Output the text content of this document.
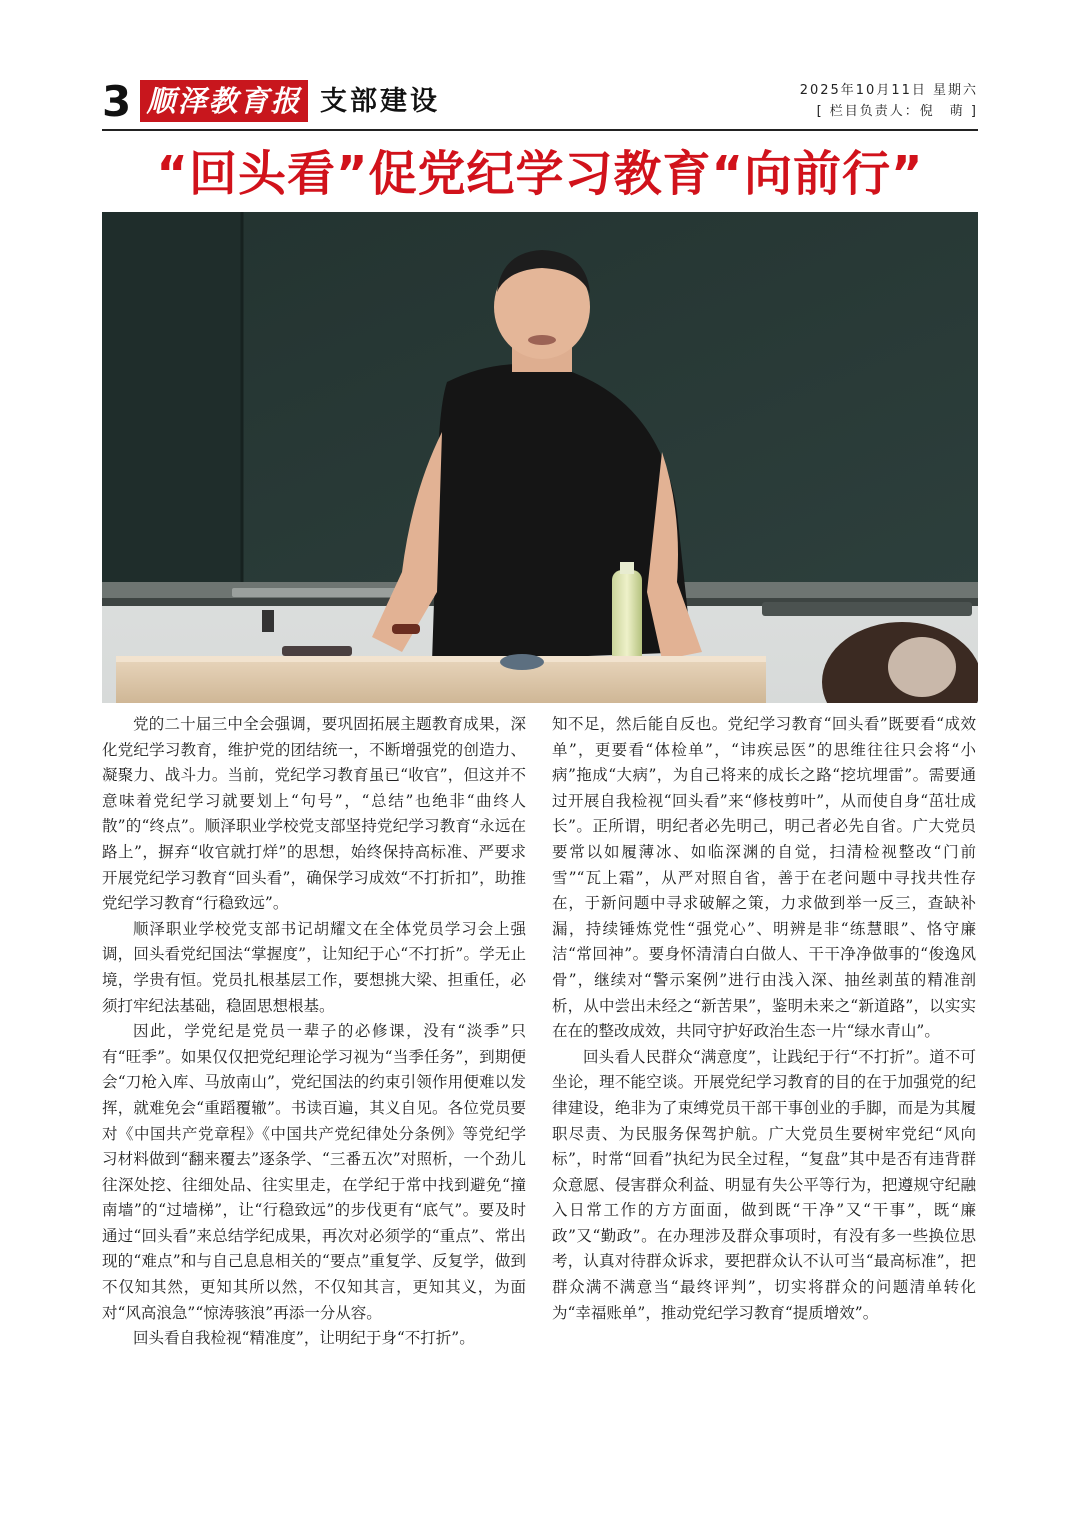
3 顺泽教育报 支部建设	2025年10月11日 星期六
[ 栏目负责人：倪　萌 ]
“回头看”促党纪学习教育“向前行”

党的二十届三中全会强调，要巩固拓展主题教育成果，深化党纪学习教育，维护党的团结统一，不断增强党的创造力、凝聚力、战斗力。当前，党纪学习教育虽已“收官”，但这并不意味着党纪学习就要划上“句号”，“总结”也绝非“曲终人散”的“终点”。顺泽职业学校党支部坚持党纪学习教育“永远在路上”，摒弃“收官就打烊”的思想，始终保持高标准、严要求开展党纪学习教育“回头看”，确保学习成效“不打折扣”，助推党纪学习教育“行稳致远”。

顺泽职业学校党支部书记胡耀文在全体党员学习会上强调，回头看党纪国法“掌握度”，让知纪于心“不打折”。学无止境，学贵有恒。党员扎根基层工作，要想挑大梁、担重任，必须打牢纪法基础，稳固思想根基。

因此，学党纪是党员一辈子的必修课，没有“淡季”只有“旺季”。如果仅仅把党纪理论学习视为“当季任务”，到期便会“刀枪入库、马放南山”，党纪国法的约束引领作用便难以发挥，就难免会“重蹈覆辙”。书读百遍，其义自见。各位党员要对《中国共产党章程》《中国共产党纪律处分条例》等党纪学习材料做到“翻来覆去”逐条学、“三番五次”对照析，一个劲儿往深处挖、往细处品、往实里走，在学纪于常中找到避免“撞南墙”的“过墙梯”，让“行稳致远”的步伐更有“底气”。要及时通过“回头看”来总结学纪成果，再次对必须学的“重点”、常出现的“难点”和与自己息息相关的“要点”重复学、反复学，做到不仅知其然，更知其所以然，不仅知其言，更知其义，为面对“风高浪急”“惊涛骇浪”再添一分从容。

回头看自我检视“精准度”，让明纪于身“不打折”。

知不足，然后能自反也。党纪学习教育“回头看”既要看“成效单”，更要看“体检单”，“讳疾忌医”的思维往往只会将“小病”拖成“大病”，为自己将来的成长之路“挖坑埋雷”。需要通过开展自我检视“回头看”来“修枝剪叶”，从而使自身“茁壮成长”。正所谓，明纪者必先明己，明己者必先自省。广大党员要常以如履薄冰、如临深渊的自觉，扫清检视整改“门前雪”“瓦上霜”，从严对照自省，善于在老问题中寻找共性存在，于新问题中寻求破解之策，力求做到举一反三，查缺补漏，持续锤炼党性“强党心”、明辨是非“练慧眼”、恪守廉洁“常回神”。要身怀清清白白做人、干干净净做事的“俊逸风骨”，继续对“警示案例”进行由浅入深、抽丝剥茧的精准剖析，从中尝出未经之“新苦果”，鉴明未来之“新道路”，以实实在在的整改成效，共同守护好政治生态一片“绿水青山”。

回头看人民群众“满意度”，让践纪于行“不打折”。道不可坐论，理不能空谈。开展党纪学习教育的目的在于加强党的纪律建设，绝非为了束缚党员干部干事创业的手脚，而是为其履职尽责、为民服务保驾护航。广大党员生要树牢党纪“风向标”，时常“回看”执纪为民全过程，“复盘”其中是否有违背群众意愿、侵害群众利益、明显有失公平等行为，把遵规守纪融入日常工作的方方面面，做到既“干净”又“干事”，既“廉政”又“勤政”。在办理涉及群众事项时，有没有多一些换位思考，认真对待群众诉求，要把群众认不认可当“最高标准”，把群众满不满意当“最终评判”，切实将群众的问题清单转化为“幸福账单”，推动党纪学习教育“提质增效”。
